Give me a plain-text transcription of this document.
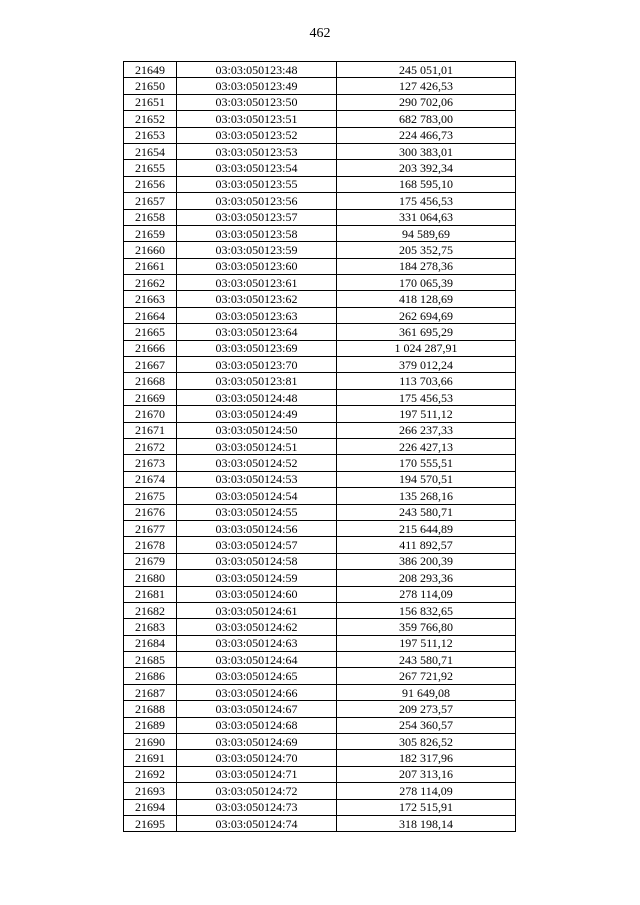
462
21649	03:03:050123:48	245 051,01
21650	03:03:050123:49	127 426,53
21651	03:03:050123:50	290 702,06
21652	03:03:050123:51	682 783,00
21653	03:03:050123:52	224 466,73
21654	03:03:050123:53	300 383,01
21655	03:03:050123:54	203 392,34
21656	03:03:050123:55	168 595,10
21657	03:03:050123:56	175 456,53
21658	03:03:050123:57	331 064,63
21659	03:03:050123:58	94 589,69
21660	03:03:050123:59	205 352,75
21661	03:03:050123:60	184 278,36
21662	03:03:050123:61	170 065,39
21663	03:03:050123:62	418 128,69
21664	03:03:050123:63	262 694,69
21665	03:03:050123:64	361 695,29
21666	03:03:050123:69	1 024 287,91
21667	03:03:050123:70	379 012,24
21668	03:03:050123:81	113 703,66
21669	03:03:050124:48	175 456,53
21670	03:03:050124:49	197 511,12
21671	03:03:050124:50	266 237,33
21672	03:03:050124:51	226 427,13
21673	03:03:050124:52	170 555,51
21674	03:03:050124:53	194 570,51
21675	03:03:050124:54	135 268,16
21676	03:03:050124:55	243 580,71
21677	03:03:050124:56	215 644,89
21678	03:03:050124:57	411 892,57
21679	03:03:050124:58	386 200,39
21680	03:03:050124:59	208 293,36
21681	03:03:050124:60	278 114,09
21682	03:03:050124:61	156 832,65
21683	03:03:050124:62	359 766,80
21684	03:03:050124:63	197 511,12
21685	03:03:050124:64	243 580,71
21686	03:03:050124:65	267 721,92
21687	03:03:050124:66	91 649,08
21688	03:03:050124:67	209 273,57
21689	03:03:050124:68	254 360,57
21690	03:03:050124:69	305 826,52
21691	03:03:050124:70	182 317,96
21692	03:03:050124:71	207 313,16
21693	03:03:050124:72	278 114,09
21694	03:03:050124:73	172 515,91
21695	03:03:050124:74	318 198,14
